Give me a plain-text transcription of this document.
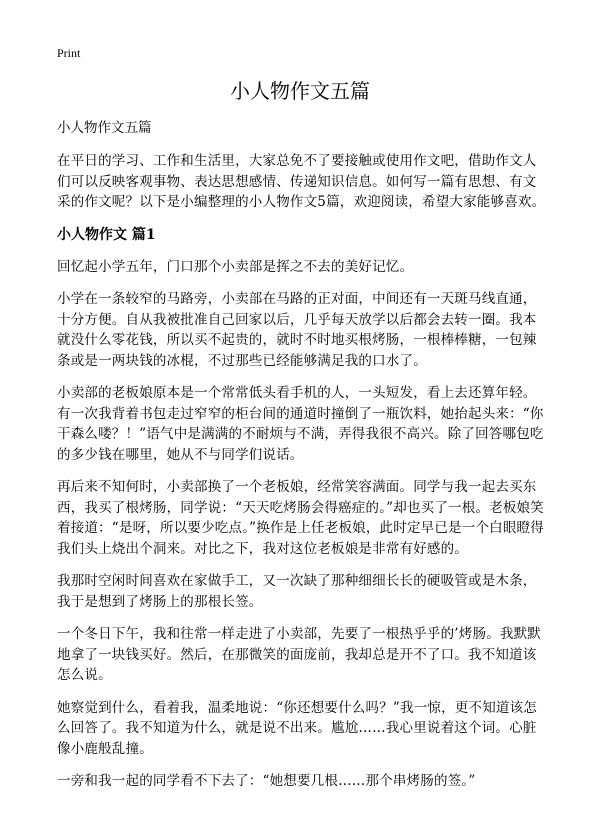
Print
小人物作文五篇

小人物作文五篇

在平日的学习、工作和生活里，大家总免不了要接触或使用作文吧，借助作文人们可以反映客观事物、表达思想感情、传递知识信息。如何写一篇有思想、有文采的作文呢？以下是小编整理的小人物作文5篇，欢迎阅读，希望大家能够喜欢。

小人物作文 篇1

回忆起小学五年，门口那个小卖部是挥之不去的美好记忆。

小学在一条较窄的马路旁，小卖部在马路的正对面，中间还有一天斑马线直通，十分方便。自从我被批准自己回家以后，几乎每天放学以后都会去转一圈。我本就没什么零花钱，所以买不起贵的，就时不时地买根烤肠，一根棒棒糖，一包辣条或是一两块钱的冰棍，不过那些已经能够满足我的口水了。

小卖部的老板娘原本是一个常常低头看手机的人，一头短发，看上去还算年轻。有一次我背着书包走过窄窄的柜台间的通道时撞倒了一瓶饮料，她抬起头来：“你干森么喽？！”语气中是满满的不耐烦与不满，弄得我很不高兴。除了回答哪包吃的多少钱在哪里，她从不与同学们说话。

再后来不知何时，小卖部换了一个老板娘，经常笑容满面。同学与我一起去买东西，我买了根烤肠，同学说：“天天吃烤肠会得癌症的。”却也买了一根。老板娘笑着接道：“是呀，所以要少吃点。”换作是上任老板娘，此时定早已是一个白眼瞪得我们头上烧出个洞来。对比之下，我对这位老板娘是非常有好感的。

我那时空闲时间喜欢在家做手工，又一次缺了那种细细长长的硬吸管或是木条，我于是想到了烤肠上的那根长签。

一个冬日下午，我和往常一样走进了小卖部，先要了一根热乎乎的’烤肠。我默默地拿了一块钱买好。然后，在那微笑的面庞前，我却总是开不了口。我不知道该怎么说。

她察觉到什么，看着我，温柔地说：“你还想要什么吗？”我一惊，更不知道该怎么回答了。我不知道为什么，就是说不出来。尴尬……我心里说着这个词。心脏像小鹿般乱撞。

一旁和我一起的同学看不下去了：“她想要几根……那个串烤肠的签。”
